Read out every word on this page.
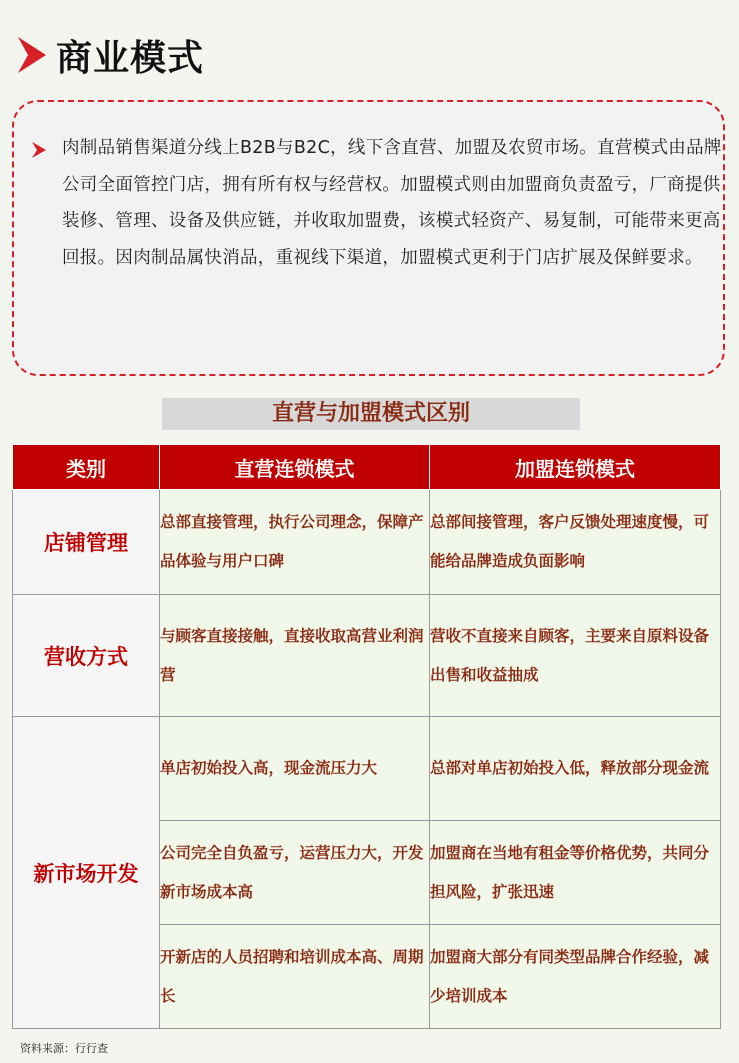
商业模式
肉制品销售渠道分线上B2B与B2C，线下含直营、加盟及农贸市场。直营模式由品牌公司全面管控门店，拥有所有权与经营权。加盟模式则由加盟商负责盈亏，厂商提供装修、管理、设备及供应链，并收取加盟费，该模式轻资产、易复制，可能带来更高回报。因肉制品属快消品，重视线下渠道，加盟模式更利于门店扩展及保鲜要求。
直营与加盟模式区别
类别	直营连锁模式	加盟连锁模式
店铺管理	总部直接管理，执行公司理念，保障产品体验与用户口碑	总部间接管理，客户反馈处理速度慢，可能给品牌造成负面影响
营收方式	与顾客直接接触，直接收取高营业利润营	营收不直接来自顾客，主要来自原料设备出售和收益抽成
新市场开发	单店初始投入高，现金流压力大	总部对单店初始投入低，释放部分现金流
	公司完全自负盈亏，运营压力大，开发新市场成本高	加盟商在当地有租金等价格优势，共同分担风险，扩张迅速
	开新店的人员招聘和培训成本高、周期长	加盟商大部分有同类型品牌合作经验，减少培训成本
资料来源：行行查
